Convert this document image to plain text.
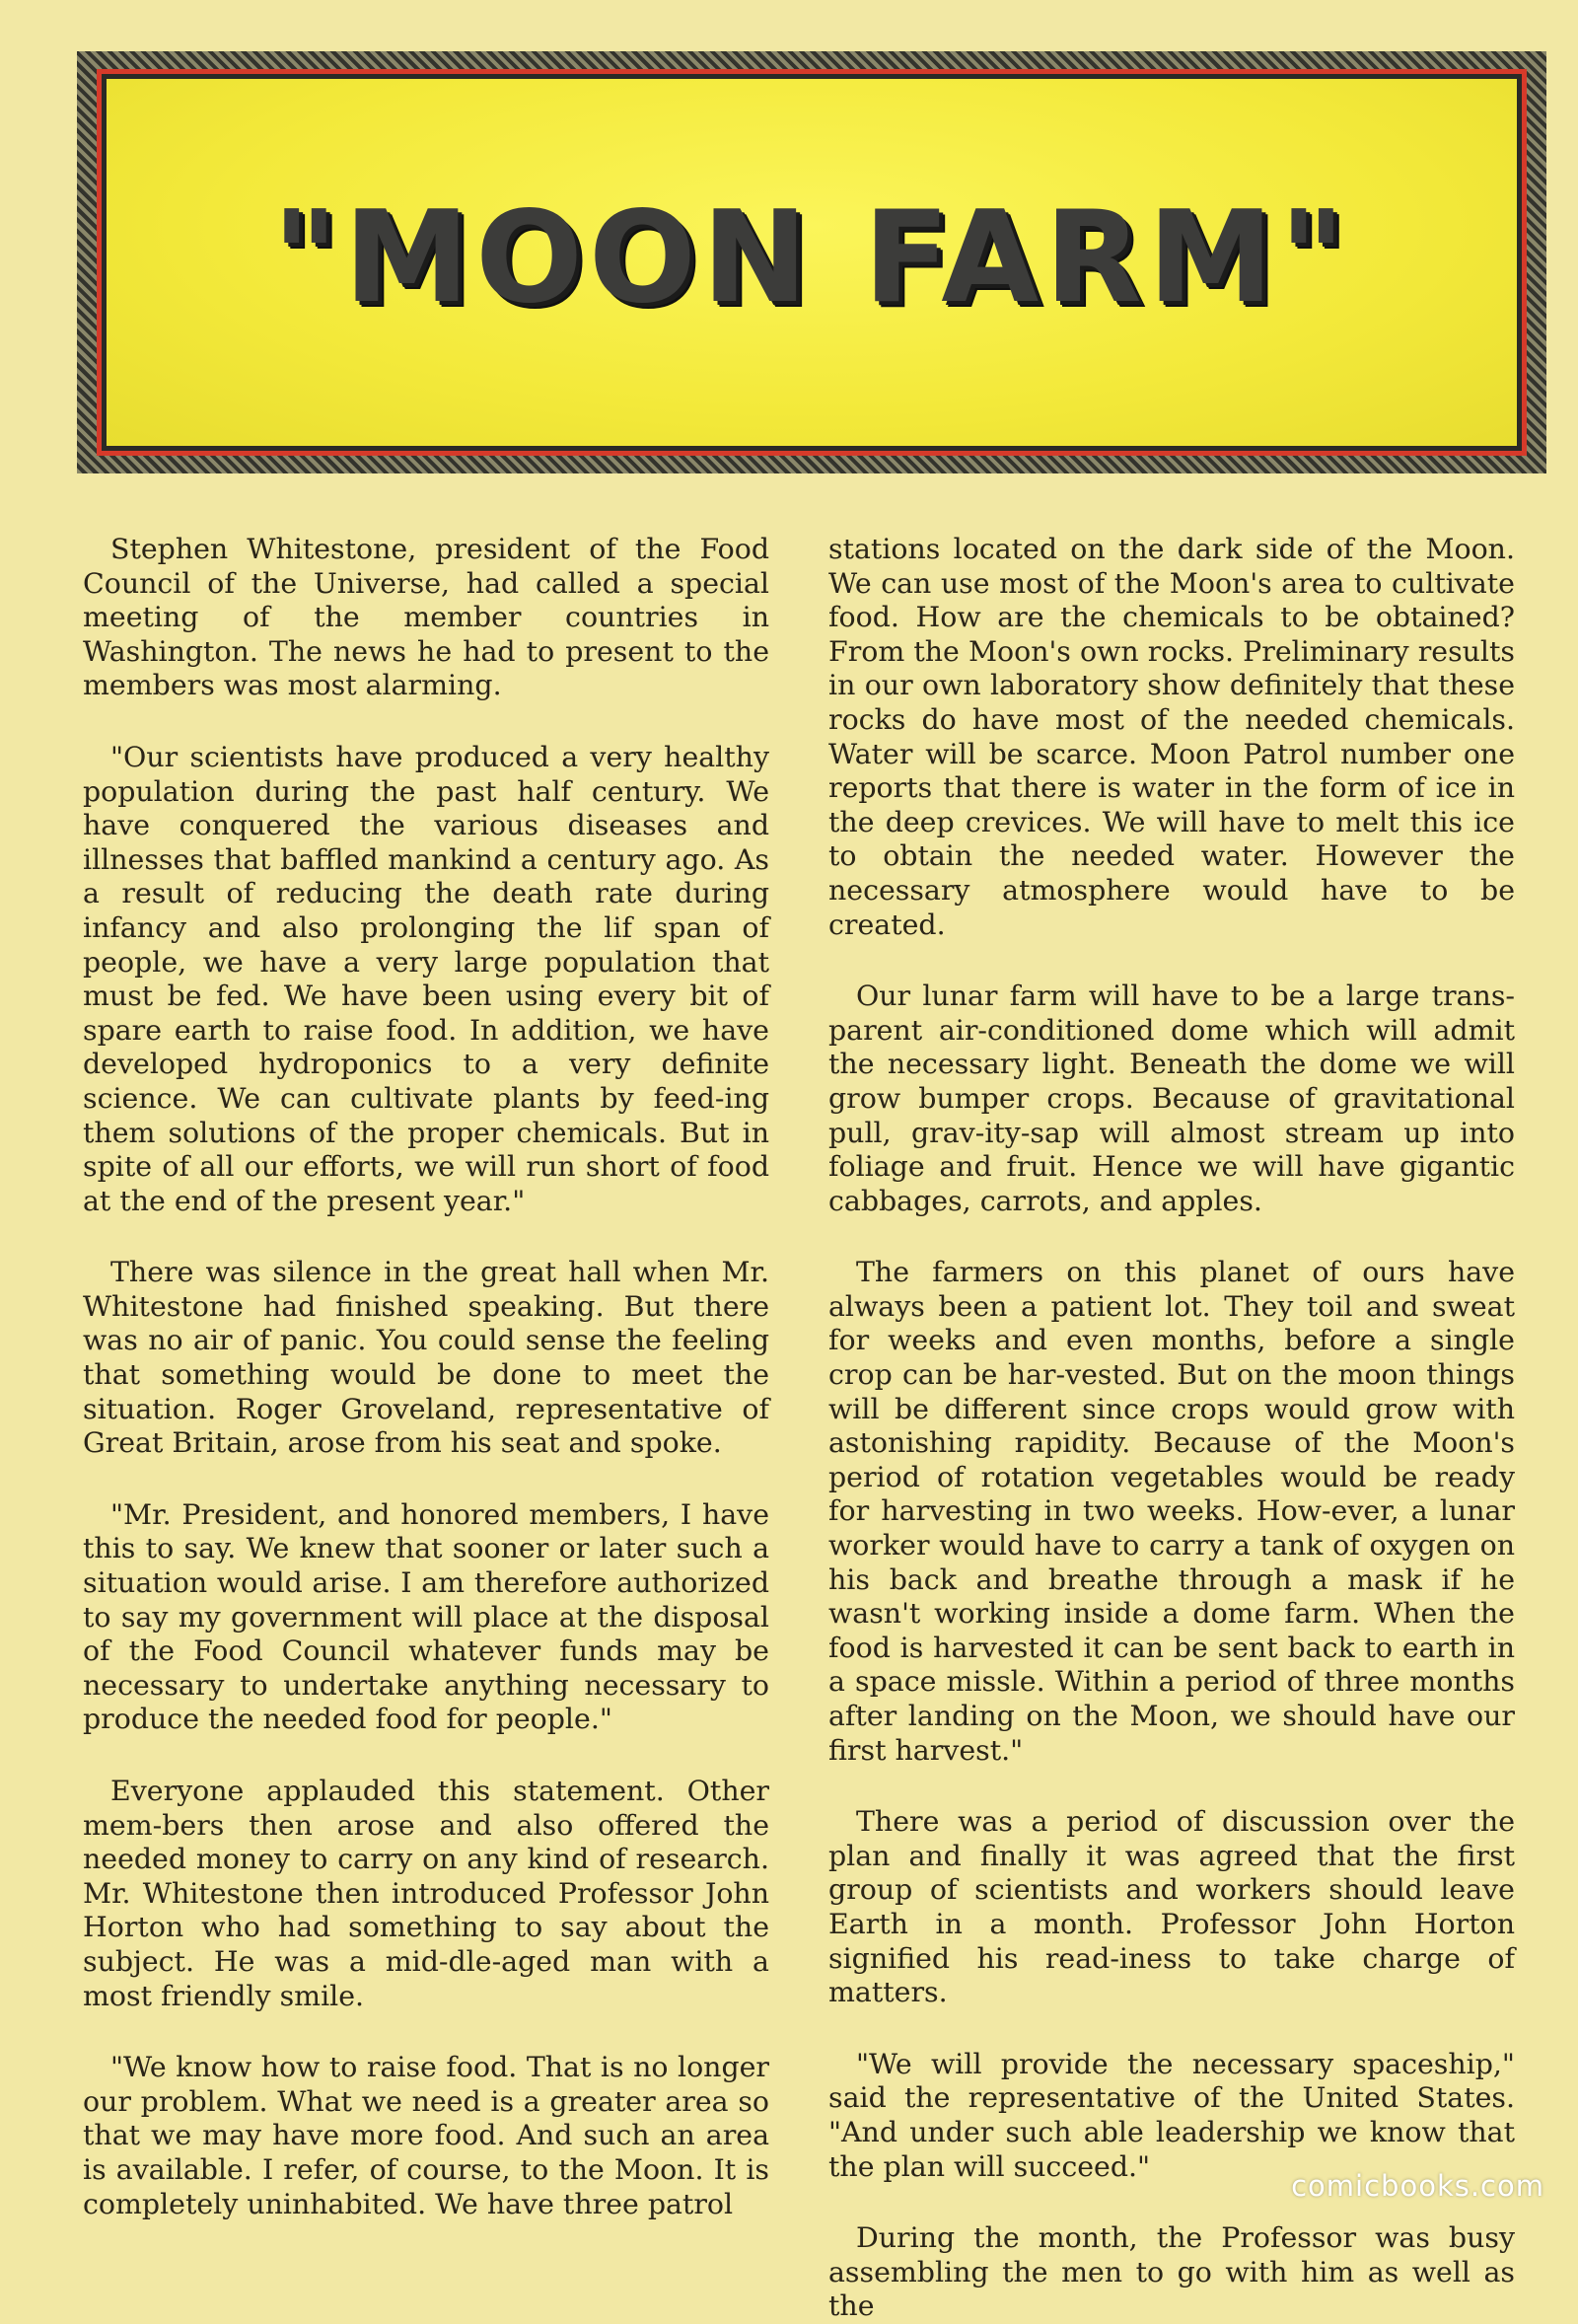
"MOON FARM"

Stephen Whitestone, president of the Food Council of the Universe, had called a special meeting of the member countries in Washington. The news he had to present to the members was most alarming.

"Our scientists have produced a very healthy population during the past half century. We have conquered the various diseases and illnesses that baffled mankind a century ago. As a result of reducing the death rate during infancy and also prolonging the lif span of people, we have a very large population that must be fed. We have been using every bit of spare earth to raise food. In addition, we have developed hydroponics to a very definite science. We can cultivate plants by feed-ing them solutions of the proper chemicals. But in spite of all our efforts, we will run short of food at the end of the present year."

There was silence in the great hall when Mr. Whitestone had finished speaking. But there was no air of panic. You could sense the feeling that something would be done to meet the situation. Roger Groveland, representative of Great Britain, arose from his seat and spoke.

"Mr. President, and honored members, I have this to say. We knew that sooner or later such a situation would arise. I am therefore authorized to say my government will place at the disposal of the Food Council whatever funds may be necessary to undertake anything necessary to produce the needed food for people."

Everyone applauded this statement. Other mem-bers then arose and also offered the needed money to carry on any kind of research. Mr. Whitestone then introduced Professor John Horton who had something to say about the subject. He was a mid-dle-aged man with a most friendly smile.

"We know how to raise food. That is no longer our problem. What we need is a greater area so that we may have more food. And such an area is available. I refer, of course, to the Moon. It is completely uninhabited. We have three patrol

stations located on the dark side of the Moon. We can use most of the Moon's area to cultivate food. How are the chemicals to be obtained? From the Moon's own rocks. Preliminary results in our own laboratory show definitely that these rocks do have most of the needed chemicals. Water will be scarce. Moon Patrol number one reports that there is water in the form of ice in the deep crevices. We will have to melt this ice to obtain the needed water. However the necessary atmosphere would have to be created.

Our lunar farm will have to be a large trans-parent air-conditioned dome which will admit the necessary light. Beneath the dome we will grow bumper crops. Because of gravitational pull, grav-ity-sap will almost stream up into foliage and fruit. Hence we will have gigantic cabbages, carrots, and apples.

The farmers on this planet of ours have always been a patient lot. They toil and sweat for weeks and even months, before a single crop can be har-vested. But on the moon things will be different since crops would grow with astonishing rapidity. Because of the Moon's period of rotation vegetables would be ready for harvesting in two weeks. How-ever, a lunar worker would have to carry a tank of oxygen on his back and breathe through a mask if he wasn't working inside a dome farm. When the food is harvested it can be sent back to earth in a space missle. Within a period of three months after landing on the Moon, we should have our first harvest."

There was a period of discussion over the plan and finally it was agreed that the first group of scientists and workers should leave Earth in a month. Professor John Horton signified his read-iness to take charge of matters.

"We will provide the necessary spaceship," said the representative of the United States. "And under such able leadership we know that the plan will succeed."

During the month, the Professor was busy assembling the men to go with him as well as the

comicbooks.com
